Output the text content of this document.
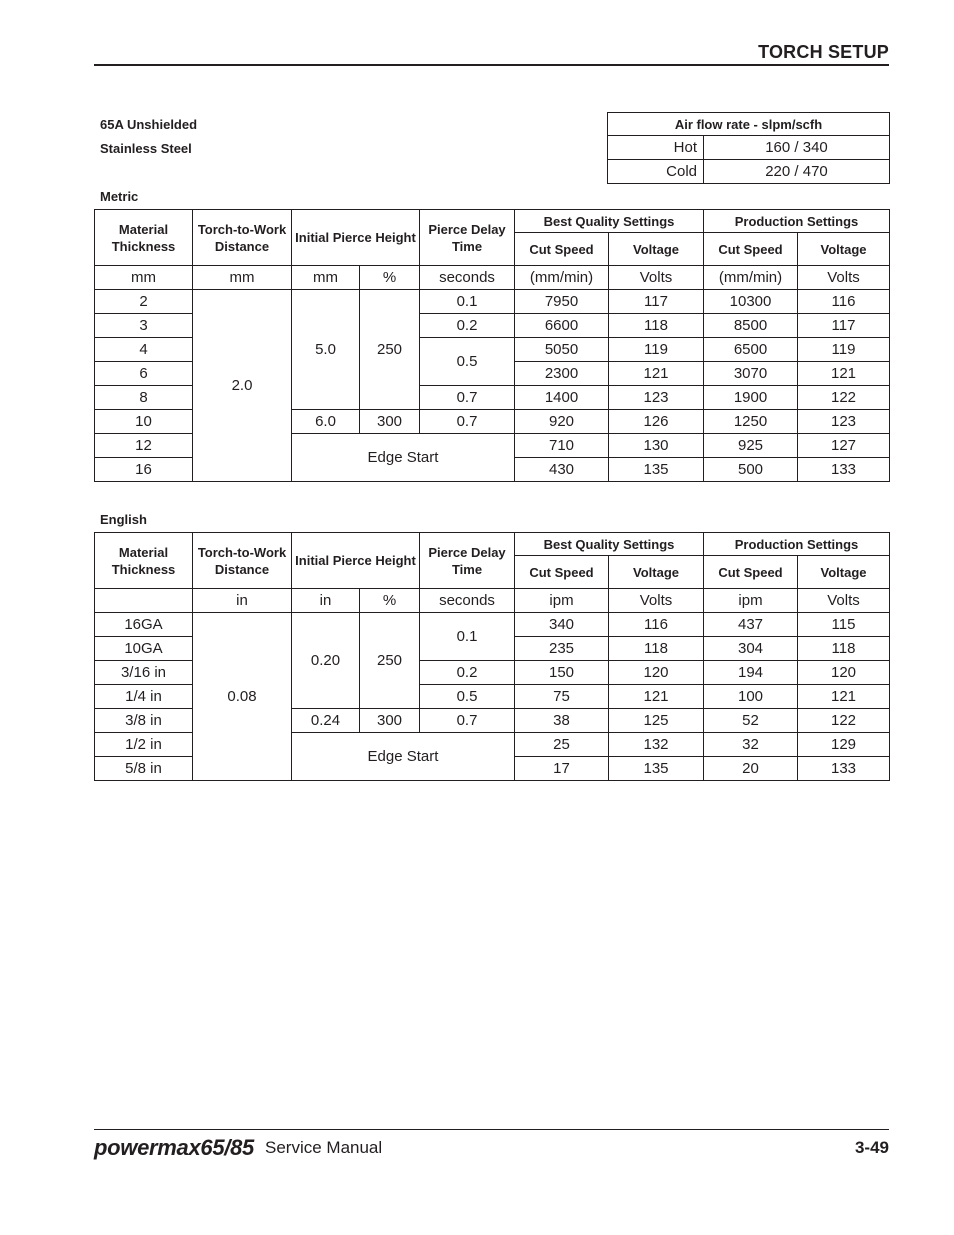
TORCH SETUP
65A Unshielded
Stainless Steel
Air flow rate - slpm/scfh	
Hot	160 / 340
Cold	220 / 470
Metric
Material Thickness	Torch-to-Work Distance	Initial Pierce Height		Pierce Delay Time	Best Quality Settings		Production Settings	
					Cut Speed	Voltage	Cut Speed	Voltage
mm	mm	mm	%	seconds	(mm/min)	Volts	(mm/min)	Volts
2	2.0	5.0	250	0.1	7950	117	10300	116
3				0.2	6600	118	8500	117
4				0.5	5050	119	6500	119
6					2300	121	3070	121
8				0.7	1400	123	1900	122
10		6.0	300	0.7	920	126	1250	123
12		Edge Start			710	130	925	127
16					430	135	500	133
English
Material Thickness	Torch-to-Work Distance	Initial Pierce Height		Pierce Delay Time	Best Quality Settings		Production Settings	
					Cut Speed	Voltage	Cut Speed	Voltage
	in	in	%	seconds	ipm	Volts	ipm	Volts
16GA	0.08	0.20	250	0.1	340	116	437	115
10GA					235	118	304	118
3/16 in				0.2	150	120	194	120
1/4 in				0.5	75	121	100	121
3/8 in		0.24	300	0.7	38	125	52	122
1/2 in		Edge Start			25	132	32	129
5/8 in					17	135	20	133
powermax65/85 Service Manual	3-49
